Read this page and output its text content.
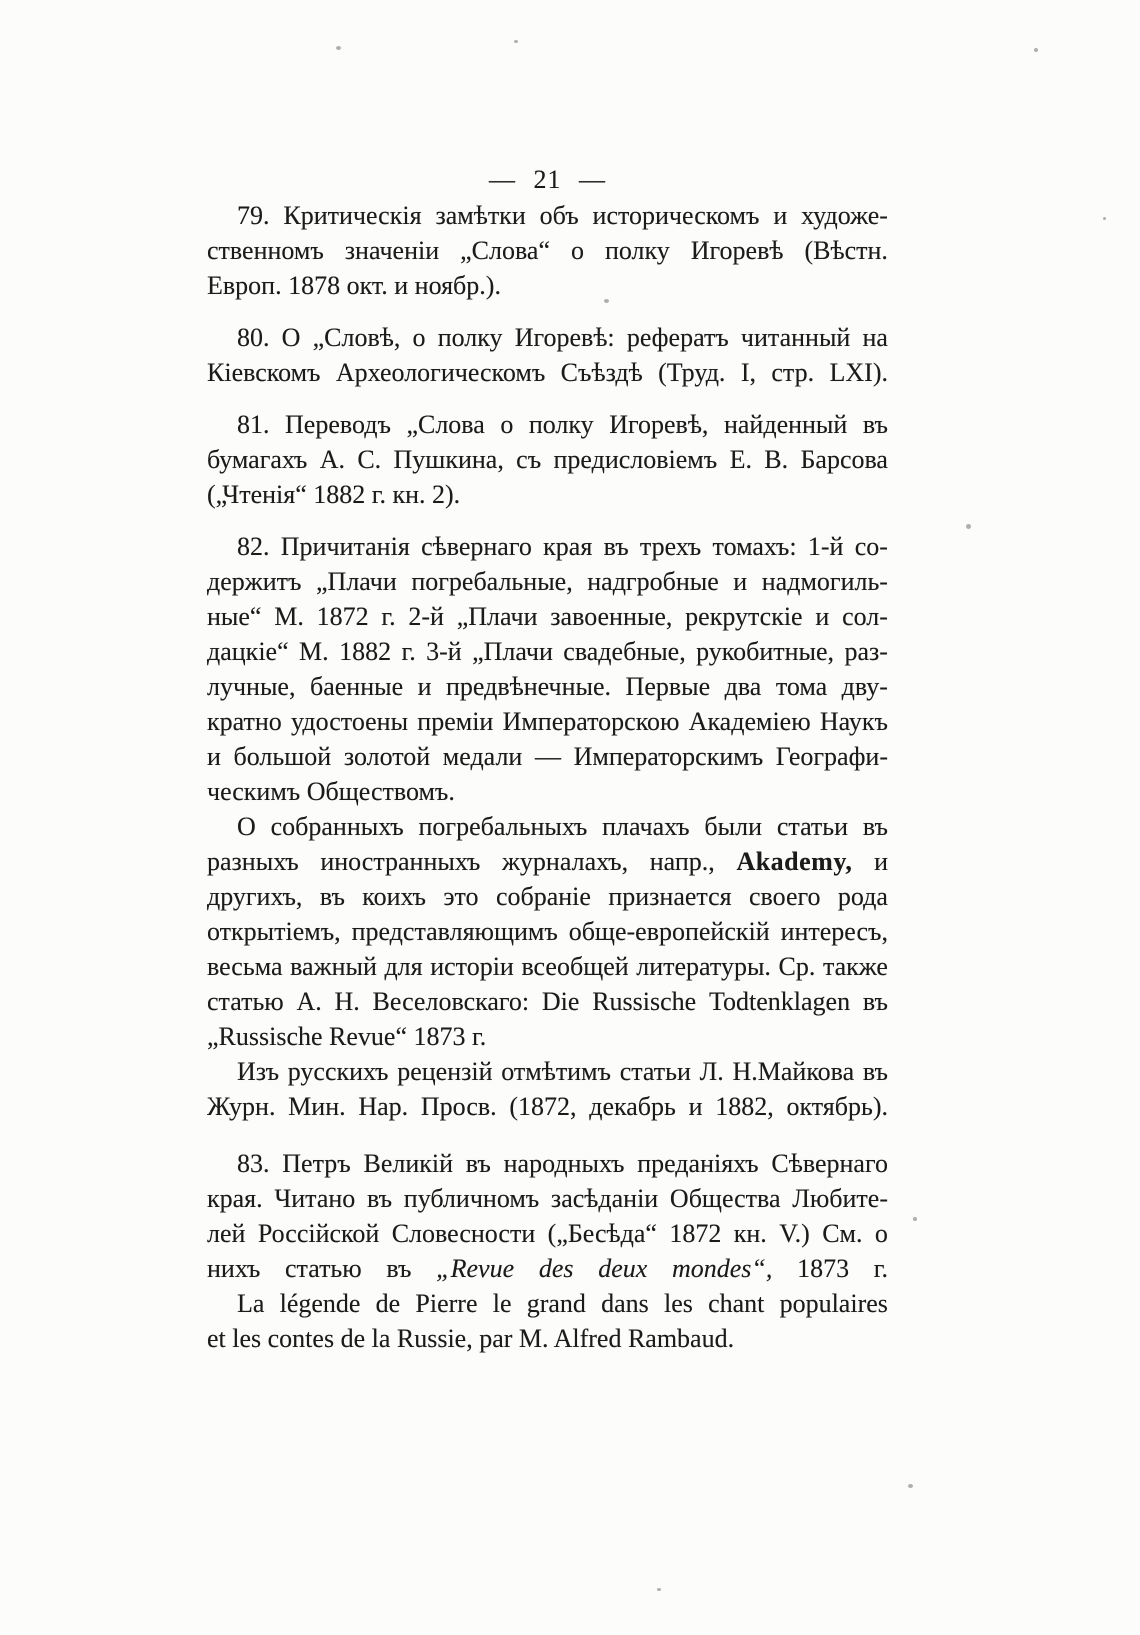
— 21 —
79. Критическія замѣтки объ историческомъ и художе-
ственномъ значеніи „Слова“ о полку Игоревѣ (Вѣстн.
Европ. 1878 окт. и ноябр.).
80. О „Словѣ, о полку Игоревѣ: рефератъ читанный на
Кіевскомъ Археологическомъ Съѣздѣ (Труд. I, стр. LXI).
81. Переводъ „Слова о полку Игоревѣ, найденный въ
бумагахъ А. С. Пушкина, съ предисловіемъ Е. В. Барсова
(„Чтенія“ 1882 г. кн. 2).
82. Причитанія сѣвернаго края въ трехъ томахъ: 1-й со-
держитъ „Плачи погребальные, надгробные и надмогиль-
ные“ М. 1872 г. 2-й „Плачи завоенные, рекрутскіе и сол-
дацкіе“ М. 1882 г. 3-й „Плачи свадебные, рукобитные, раз-
лучные, баенные и предвѣнечные. Первые два тома дву-
кратно удостоены преміи Императорскою Академіею Наукъ
и большой золотой медали — Императорскимъ Географи-
ческимъ Обществомъ.
О собранныхъ погребальныхъ плачахъ были статьи въ
разныхъ иностранныхъ журналахъ, напр., Akademy, и
другихъ, въ коихъ это собраніе признается своего рода
открытіемъ, представляющимъ обще-европейскій интересъ,
весьма важный для исторіи всеобщей литературы. Ср. также
статью А. Н. Веселовскаго: Die Russische Todtenklagen въ
„Russische Revue“ 1873 г.
Изъ русскихъ рецензій отмѣтимъ статьи Л. Н.Майкова въ
Журн. Мин. Нар. Просв. (1872, декабрь и 1882, октябрь).
83. Петръ Великій въ народныхъ преданіяхъ Сѣвернаго
края. Читано въ публичномъ засѣданіи Общества Любите-
лей Россійской Словесности („Бесѣда“ 1872 кн. V.) См. о
нихъ статью въ „Revue des deux mondes“, 1873 г.
La légende de Pierre le grand dans les chant populaires
et les contes de la Russie, par M. Alfred Rambaud.
